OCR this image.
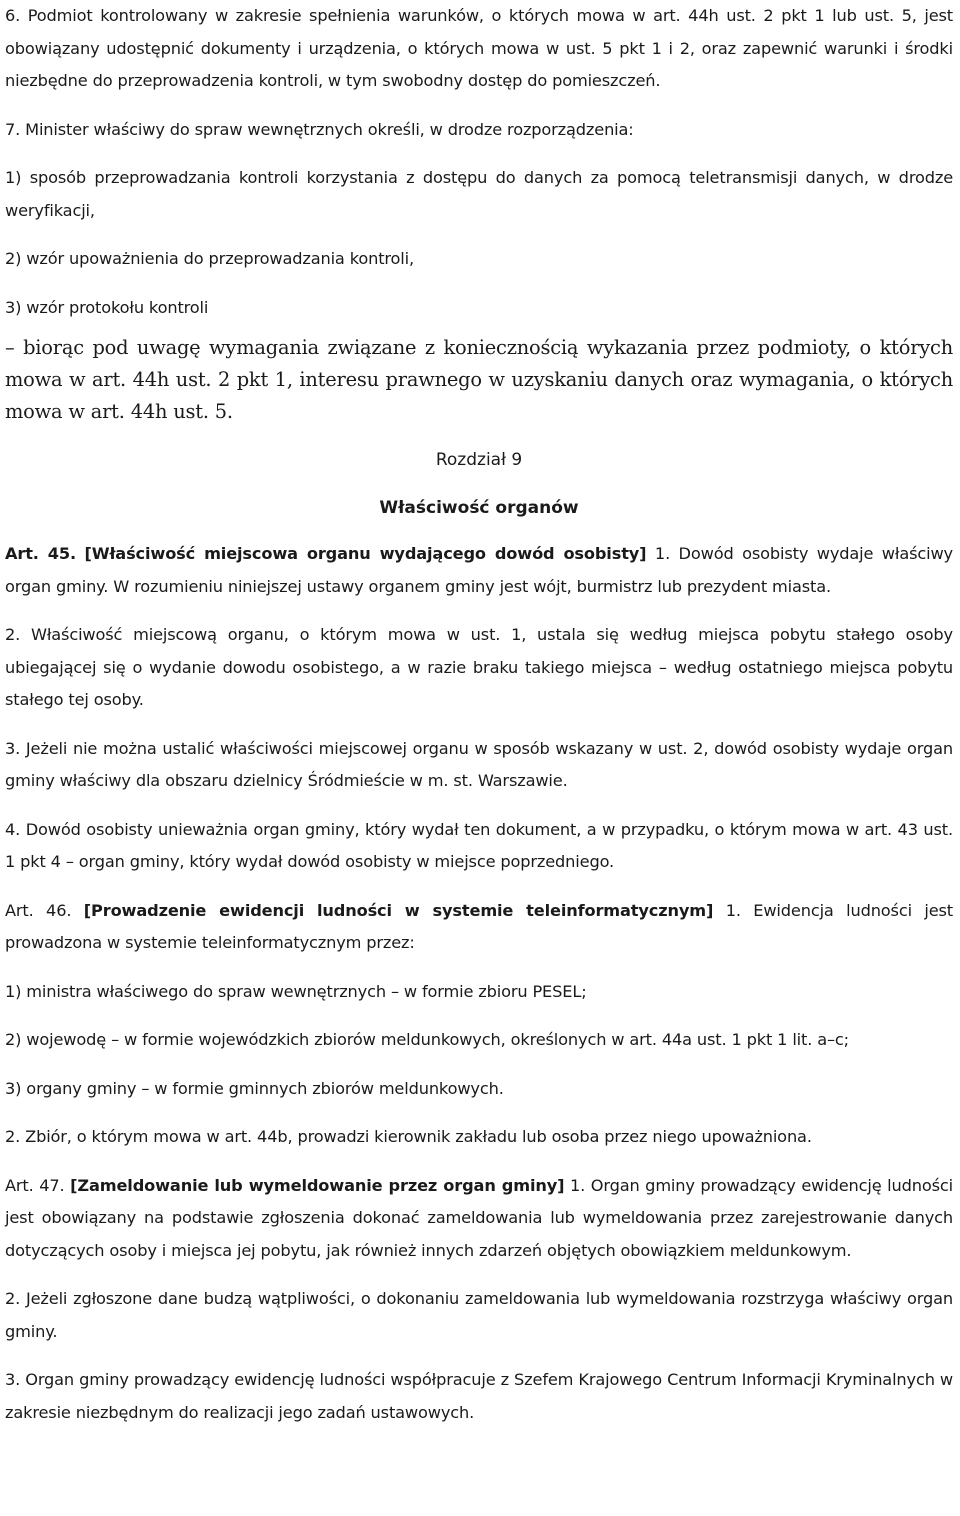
6. Podmiot kontrolowany w zakresie spełnienia warunków, o których mowa w art. 44h ust. 2 pkt 1 lub ust. 5, jest obowiązany udostępnić dokumenty i urządzenia, o których mowa w ust. 5 pkt 1 i 2, oraz zapewnić warunki i środki niezbędne do przeprowadzenia kontroli, w tym swobodny dostęp do pomieszczeń.

7. Minister właściwy do spraw wewnętrznych określi, w drodze rozporządzenia:

1) sposób przeprowadzania kontroli korzystania z dostępu do danych za pomocą teletransmisji danych, w drodze weryfikacji,

2) wzór upoważnienia do przeprowadzania kontroli,

3) wzór protokołu kontroli

– biorąc pod uwagę wymagania związane z koniecznością wykazania przez podmioty, o których mowa w art. 44h ust. 2 pkt 1, interesu prawnego w uzyskaniu danych oraz wymagania, o których mowa w art. 44h ust. 5.

Rozdział 9

Właściwość organów

Art. 45. [Właściwość miejscowa organu wydającego dowód osobisty] 1. Dowód osobisty wydaje właściwy organ gminy. W rozumieniu niniejszej ustawy organem gminy jest wójt, burmistrz lub prezydent miasta.

2. Właściwość miejscową organu, o którym mowa w ust. 1, ustala się według miejsca pobytu stałego osoby ubiegającej się o wydanie dowodu osobistego, a w razie braku takiego miejsca – według ostatniego miejsca pobytu stałego tej osoby.

3. Jeżeli nie można ustalić właściwości miejscowej organu w sposób wskazany w ust. 2, dowód osobisty wydaje organ gminy właściwy dla obszaru dzielnicy Śródmieście w m. st. Warszawie.

4. Dowód osobisty unieważnia organ gminy, który wydał ten dokument, a w przypadku, o którym mowa w art. 43 ust. 1 pkt 4 – organ gminy, który wydał dowód osobisty w miejsce poprzedniego.

Art. 46. [Prowadzenie ewidencji ludności w systemie teleinformatycznym] 1. Ewidencja ludności jest prowadzona w systemie teleinformatycznym przez:

1) ministra właściwego do spraw wewnętrznych – w formie zbioru PESEL;

2) wojewodę – w formie wojewódzkich zbiorów meldunkowych, określonych w art. 44a ust. 1 pkt 1 lit. a–c;

3) organy gminy – w formie gminnych zbiorów meldunkowych.

2. Zbiór, o którym mowa w art. 44b, prowadzi kierownik zakładu lub osoba przez niego upoważniona.

Art. 47. [Zameldowanie lub wymeldowanie przez organ gminy] 1. Organ gminy prowadzący ewidencję ludności jest obowiązany na podstawie zgłoszenia dokonać zameldowania lub wymeldowania przez zarejestrowanie danych dotyczących osoby i miejsca jej pobytu, jak również innych zdarzeń objętych obowiązkiem meldunkowym.

2. Jeżeli zgłoszone dane budzą wątpliwości, o dokonaniu zameldowania lub wymeldowania rozstrzyga właściwy organ gminy.

3. Organ gminy prowadzący ewidencję ludności współpracuje z Szefem Krajowego Centrum Informacji Kryminalnych w zakresie niezbędnym do realizacji jego zadań ustawowych.
